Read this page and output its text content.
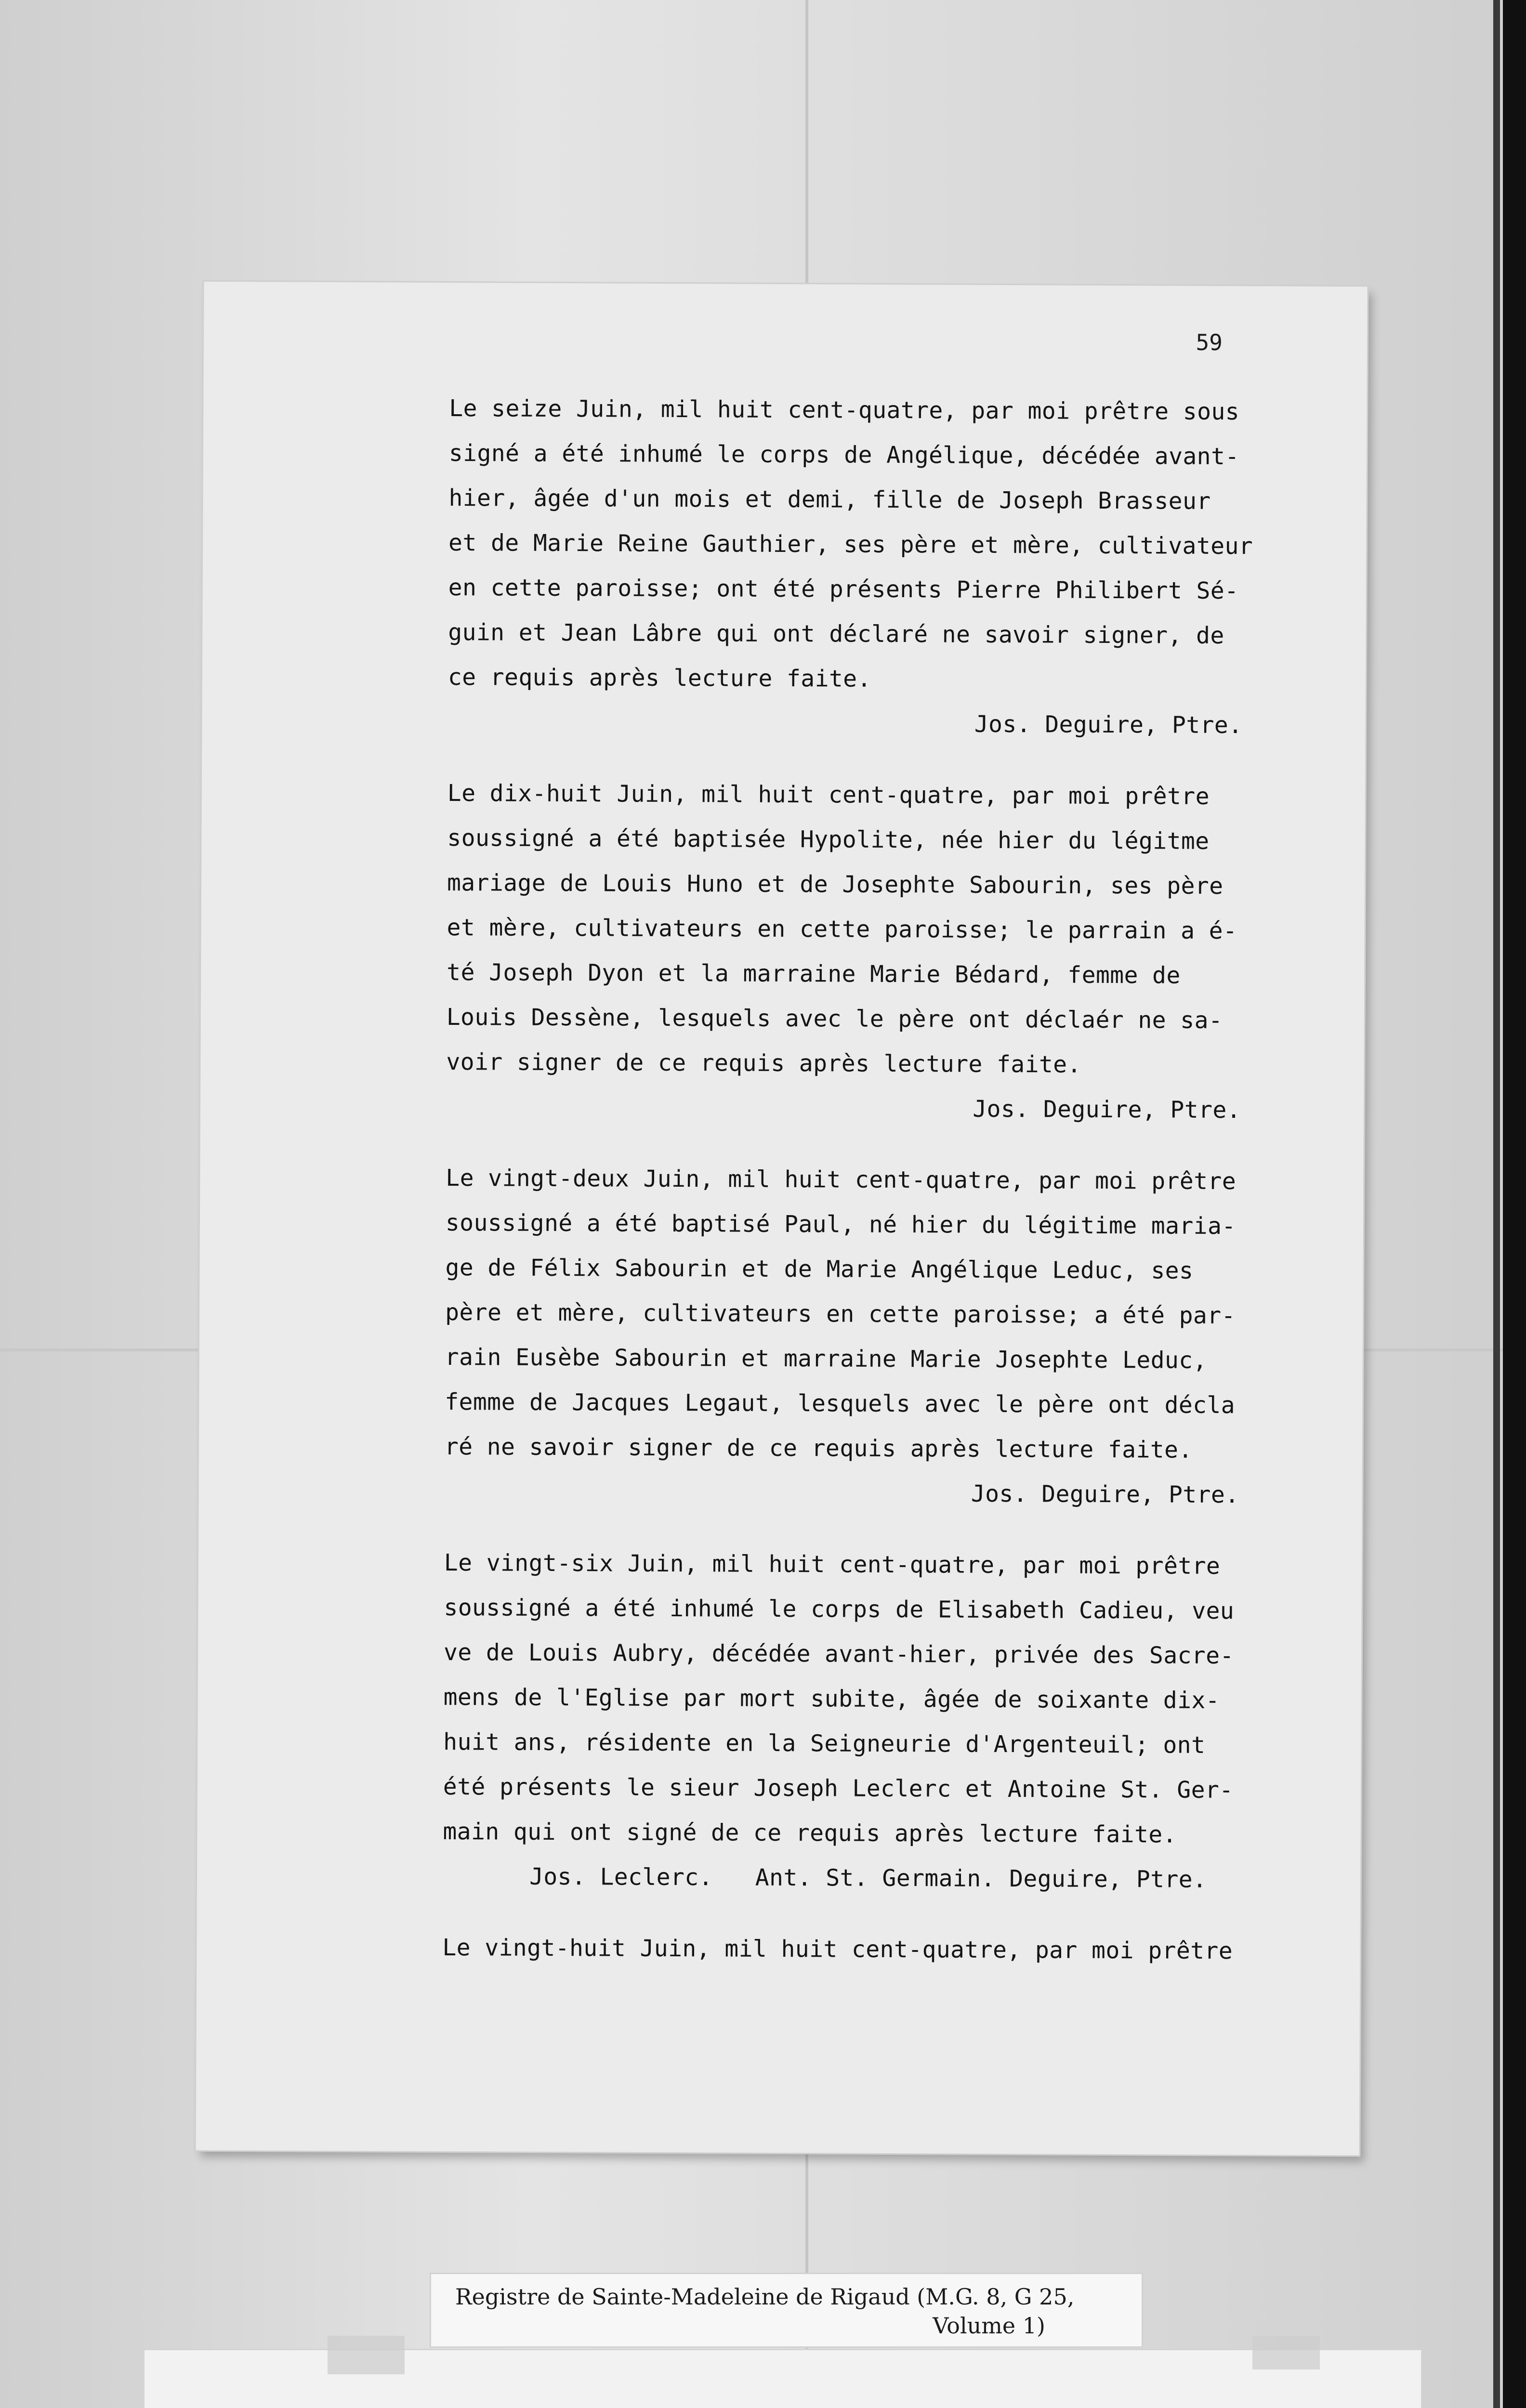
59
Le seize Juin, mil huit cent-quatre, par moi prêtre sous
signé a été inhumé le corps de Angélique, décédée avant-
hier, âgée d'un mois et demi, fille de Joseph Brasseur
et de Marie Reine Gauthier, ses père et mère, cultivateur
en cette paroisse; ont été présents Pierre Philibert Sé-
guin et Jean Lâbre qui ont déclaré ne savoir signer, de
ce requis après lecture faite.
Jos. Deguire, Ptre.
Le dix-huit Juin, mil huit cent-quatre, par moi prêtre
soussigné a été baptisée Hypolite, née hier du légitme
mariage de Louis Huno et de Josephte Sabourin, ses père
et mère, cultivateurs en cette paroisse; le parrain a é-
té Joseph Dyon et la marraine Marie Bédard, femme de
Louis Dessène, lesquels avec le père ont déclaér ne sa-
voir signer de ce requis après lecture faite.
Jos. Deguire, Ptre.
Le vingt-deux Juin, mil huit cent-quatre, par moi prêtre
soussigné a été baptisé Paul, né hier du légitime maria-
ge de Félix Sabourin et de Marie Angélique Leduc, ses
père et mère, cultivateurs en cette paroisse; a été par-
rain Eusèbe Sabourin et marraine Marie Josephte Leduc,
femme de Jacques Legaut, lesquels avec le père ont décla
ré ne savoir signer de ce requis après lecture faite.
Jos. Deguire, Ptre.
Le vingt-six Juin, mil huit cent-quatre, par moi prêtre
soussigné a été inhumé le corps de Elisabeth Cadieu, veu
ve de Louis Aubry, décédée avant-hier, privée des Sacre-
mens de l'Eglise par mort subite, âgée de soixante dix-
huit ans, résidente en la Seigneurie d'Argenteuil; ont
été présents le sieur Joseph Leclerc et Antoine St. Ger-
main qui ont signé de ce requis après lecture faite.
Jos. Leclerc.   Ant. St. Germain. Deguire, Ptre.
Le vingt-huit Juin, mil huit cent-quatre, par moi prêtre
Registre de Sainte-Madeleine de Rigaud (M.G. 8, G 25,
Volume 1)
